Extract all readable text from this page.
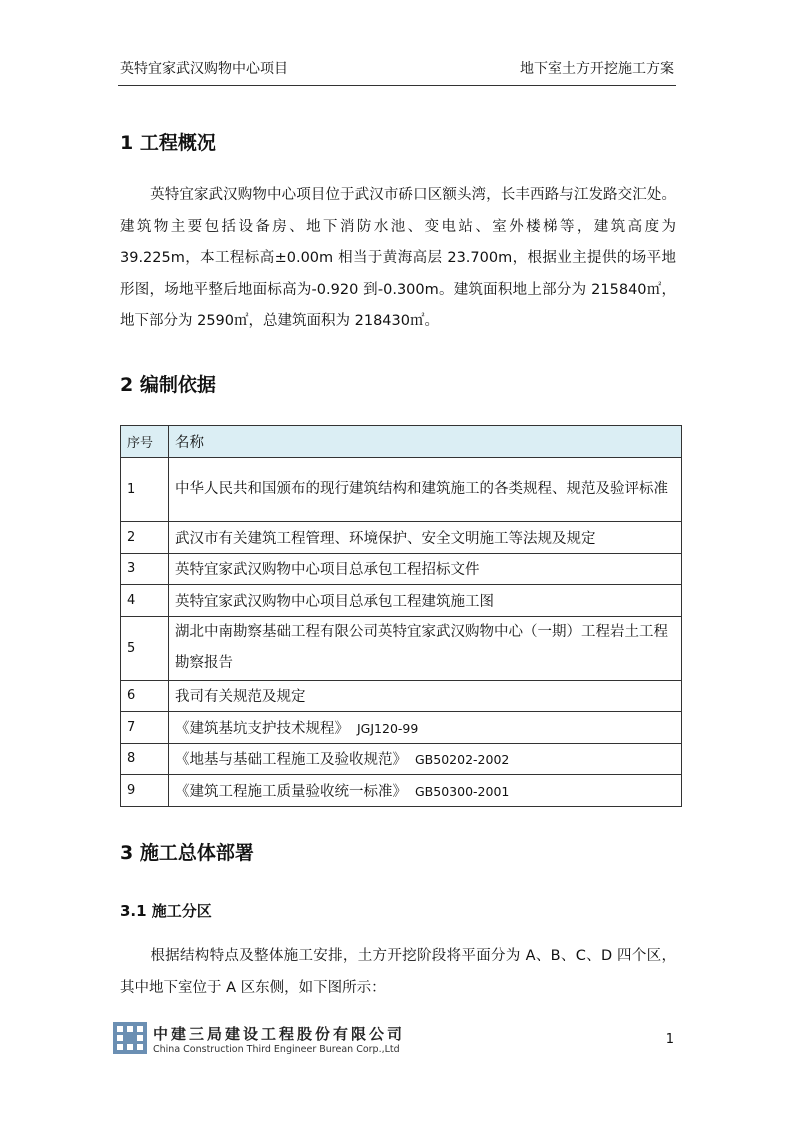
英特宜家武汉购物中心项目	地下室土方开挖施工方案
1 工程概况

英特宜家武汉购物中心项目位于武汉市硚口区额头湾，长丰西路与江发路交汇处。建筑物主要包括设备房、地下消防水池、变电站、室外楼梯等，建筑高度为 39.225m，本工程标高±0.00m 相当于黄海高层 23.700m，根据业主提供的场平地形图，场地平整后地面标高为-0.920 到-0.300m。建筑面积地上部分为 215840㎡，地下部分为 2590㎡，总建筑面积为 218430㎡。

2 编制依据
序号	名称
1	中华人民共和国颁布的现行建筑结构和建筑施工的各类规程、规范及验评标准
2	武汉市有关建筑工程管理、环境保护、安全文明施工等法规及规定
3	英特宜家武汉购物中心项目总承包工程招标文件
4	英特宜家武汉购物中心项目总承包工程建筑施工图
5	湖北中南勘察基础工程有限公司英特宜家武汉购物中心（一期）工程岩土工程勘察报告
6	我司有关规范及规定
7	《建筑基坑支护技术规程》 JGJ120-99
8	《地基与基础工程施工及验收规范》 GB50202-2002
9	《建筑工程施工质量验收统一标准》 GB50300-2001
3 施工总体部署
3.1 施工分区

根据结构特点及整体施工安排，土方开挖阶段将平面分为 A、B、C、D 四个区，其中地下室位于 A 区东侧，如下图所示：

中建三局建设工程股份有限公司
China Construction Third Engineer Burean Corp.,Ltd
1
